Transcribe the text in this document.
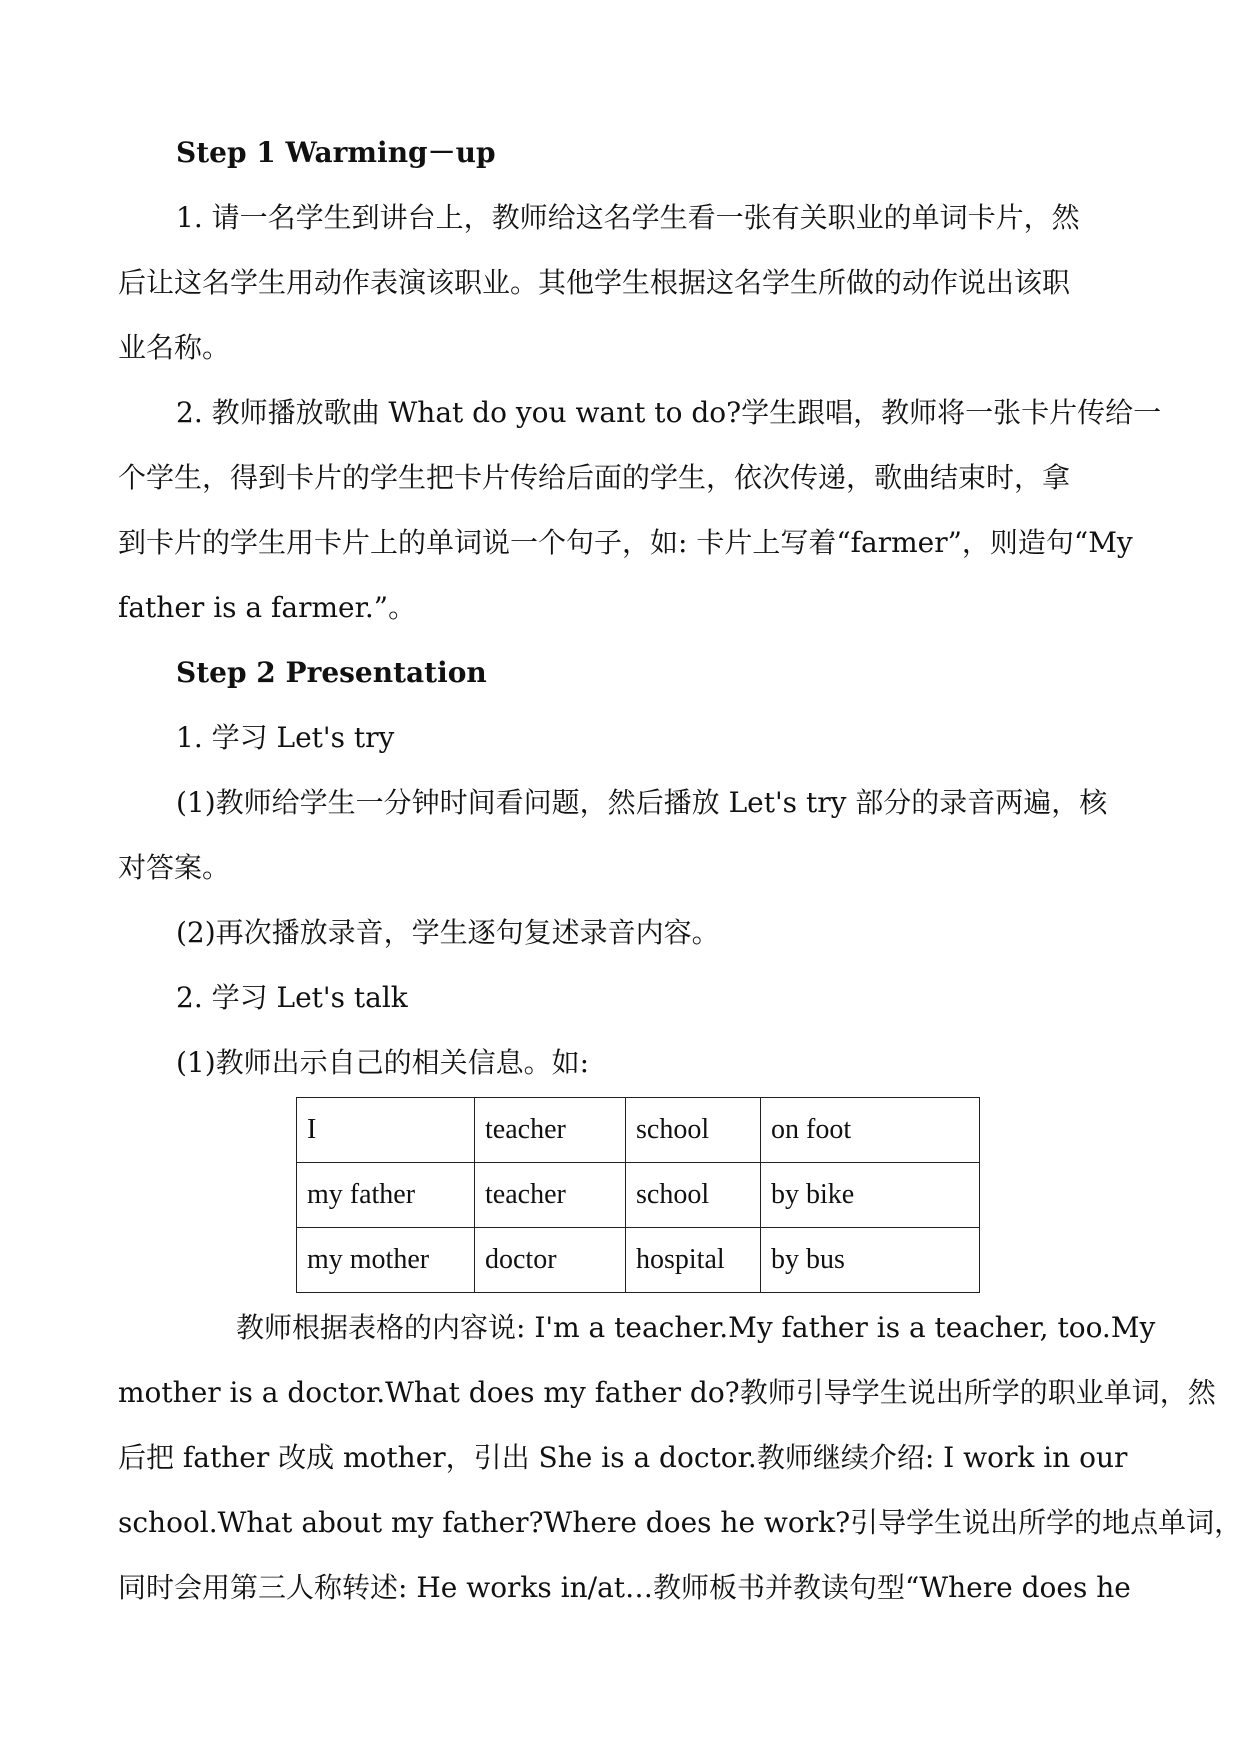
Step 1 Warming－up
1. 请一名学生到讲台上，教师给这名学生看一张有关职业的单词卡片，然
后让这名学生用动作表演该职业。其他学生根据这名学生所做的动作说出该职
业名称。
2. 教师播放歌曲 What do you want to do?学生跟唱，教师将一张卡片传给一
个学生，得到卡片的学生把卡片传给后面的学生，依次传递，歌曲结束时，拿
到卡片的学生用卡片上的单词说一个句子，如: 卡片上写着“farmer”，则造句“My
father is a farmer.”。
Step 2 Presentation
1. 学习 Let's try
(1)教师给学生一分钟时间看问题，然后播放 Let's try 部分的录音两遍，核
对答案。
(2)再次播放录音，学生逐句复述录音内容。
2. 学习 Let's talk
(1)教师出示自己的相关信息。如:
I	teacher	school	on foot
my father	teacher	school	by bike
my mother	doctor	hospital	by bus
教师根据表格的内容说: I'm a teacher.My father is a teacher, too.My
mother is a doctor.What does my father do?教师引导学生说出所学的职业单词，然
后把 father 改成 mother，引出 She is a doctor.教师继续介绍: I work in our
school.What about my father?Where does he work?引导学生说出所学的地点单词，
同时会用第三人称转述: He works in/at…教师板书并教读句型“Where does he
